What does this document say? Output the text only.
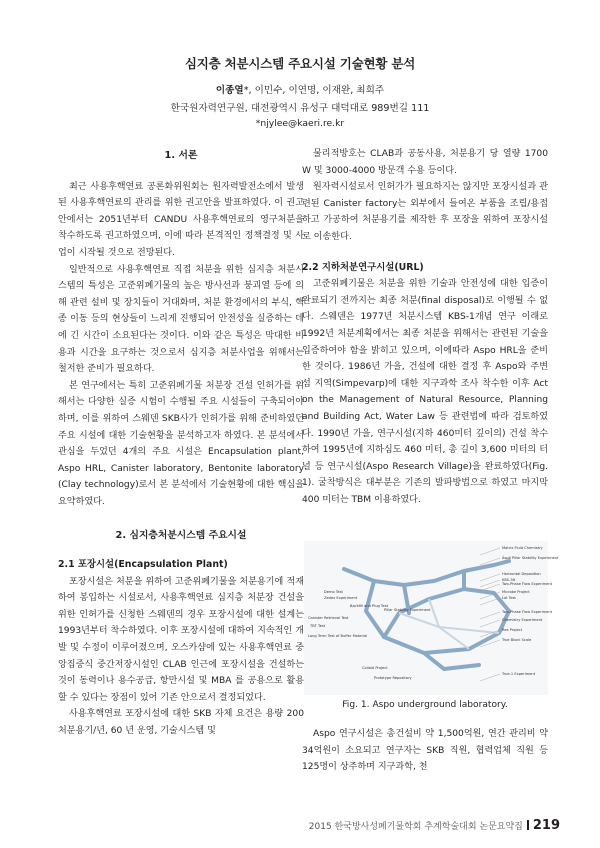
심지층 처분시스템 주요시설 기술현황 분석
이종열*, 이민수, 이연명, 이재완, 최희주
한국원자력연구원, 대전광역시 유성구 대덕대로 989번길 111
*njylee@kaeri.re.kr
1. 서론

최근 사용후핵연료 공론화위원회는 원자력발전소에서 발생된 사용후핵연료의 관리를 위한 권고안을 발표하였다. 이 권고안에서는 2051년부터 CANDU 사용후핵연료의 영구처분을 착수하도록 권고하였으며, 이에 따라 본격적인 정책결정 및 사업이 시작될 것으로 전망된다.

일반적으로 사용후핵연료 직접 처분을 위한 심지층 처분시스템의 특성은 고준위폐기물의 높은 방사선과 붕괴열 등에 의해 관련 설비 및 장치들이 거대화며, 처분 환경에서의 부식, 핵종 이동 등의 현상들이 느리게 진행되어 안전성을 실증하는 데에 긴 시간이 소요된다는 것이다. 이와 같은 특성은 막대한 비용과 시간을 요구하는 것으로서 심지층 처분사업을 위해서는 철저한 준비가 필요하다.

본 연구에서는 특히 고준위폐기물 처분장 건설 인허가를 위해서는 다양한 실증 시험이 수행될 주요 시설들이 구축되어야 하며, 이를 위하여 스웨덴 SKB사가 인허가를 위해 준비하였던 주요 시설에 대한 기술현황을 분석하고자 하였다. 본 분석에서 관심을 두었던 4개의 주요 시설은 Encapsulation plant, Aspo HRL, Canister laboratory, Bentonite laboratory (Clay technology)로서 본 분석에서 기술현황에 대한 핵심을 요약하였다.

2. 심지층처분시스템 주요시설
2.1 포장시설(Encapsulation Plant)

포장시설은 처분을 위하여 고준위폐기물을 처분용기에 적재하여 봉입하는 시설로서, 사용후핵연료 심지층 처분장 건설을 위한 인허가를 신청한 스웨덴의 경우 포장시설에 대한 설계는 1993년부터 착수하였다. 이후 포장시설에 대하여 지속적인 개발 및 수정이 이루어졌으며, 오스카샴에 있는 사용후핵연료 중앙집중식 중간저장시설인 CLAB 인근에 포장시설을 건설하는 것이 동력이나 용수공급, 항만시설 및 MBA 를 공용으로 활용할 수 있다는 장점이 있어 기존 안으로서 결정되었다.

사용후핵연료 포장시설에 대한 SKB 자체 요건은 용량 200 처분용기/년, 60 년 운영, 기술시스템 및

물리적방호는 CLAB과 공동사용, 처분용기 당 열량 1700 W 및 3000-4000 방문객 수용 등이다.

원자력시설로서 인허가가 필요하지는 않지만 포장시설과 관련된 Canister factory는 외부에서 들여온 부품을 조립/용접하고 가공하여 처분용기를 제작한 후 포장을 위하여 포장시설로 이송한다.

2.2 지하처분연구시설(URL)

고준위폐기물은 처분을 위한 기술과 안전성에 대한 입증이 완료되기 전까지는 최종 처분(final disposal)로 이행될 수 없다. 스웨덴은 1977년 처분시스템 KBS-1개념 연구 이래로 1992년 처분계획에서는 최종 처분을 위해서는 관련된 기술을 입증하여야 함을 밝히고 있으며, 이에따라 Aspo HRL을 준비한 것이다. 1986년 가을, 건설에 대한 결정 후 Aspo와 주변 섬 지역(Simpevarp)에 대한 지구과학 조사 착수한 이후 Act on the Management of Natural Resource, Planning and Building Act, Water Law 등 관련법에 따라 검토하였다. 1990년 가을, 연구시설(지하 460미터 깊이의) 건설 착수하여 1995년에 지하심도 460 미터, 총 길이 3,600 미터의 터널 등 연구시설(Aspo Research Village)을 완료하였다(Fig. 1). 굴착방식은 대부분은 기존의 발파방법으로 하였고 마지막 400 미터는 TBM 이용하였다.

Demo Test
Zedex Experiment
Backfill and Plug Test
Canister Retrieval Test
TBT Test
Long Term Test of Buffer Material
Pillar Stability Experiment
Colloid Project
Prototype Repository
Matrix Fluid Chemistry
Äspö Pillar Stability Experiment
Horizontal Deposition
KBS-3H
Two-Phase Flow Experiment
Microbe Project
Lot Test
Two-Phase Flow Experiment
Chemistry Experiment
Rex Project
True Block Scale
True-1 Experiment
Fig. 1. Aspo underground laboratory.

Aspo 연구시설은 총건설비 약 1,500억원, 연간 관리비 약 34억원이 소요되고 연구자는 SKB 직원, 협력업체 직원 등 125명이 상주하며 지구과학, 천

2015 한국방사성폐기물학회 추계학술대회 논문요약집 219
